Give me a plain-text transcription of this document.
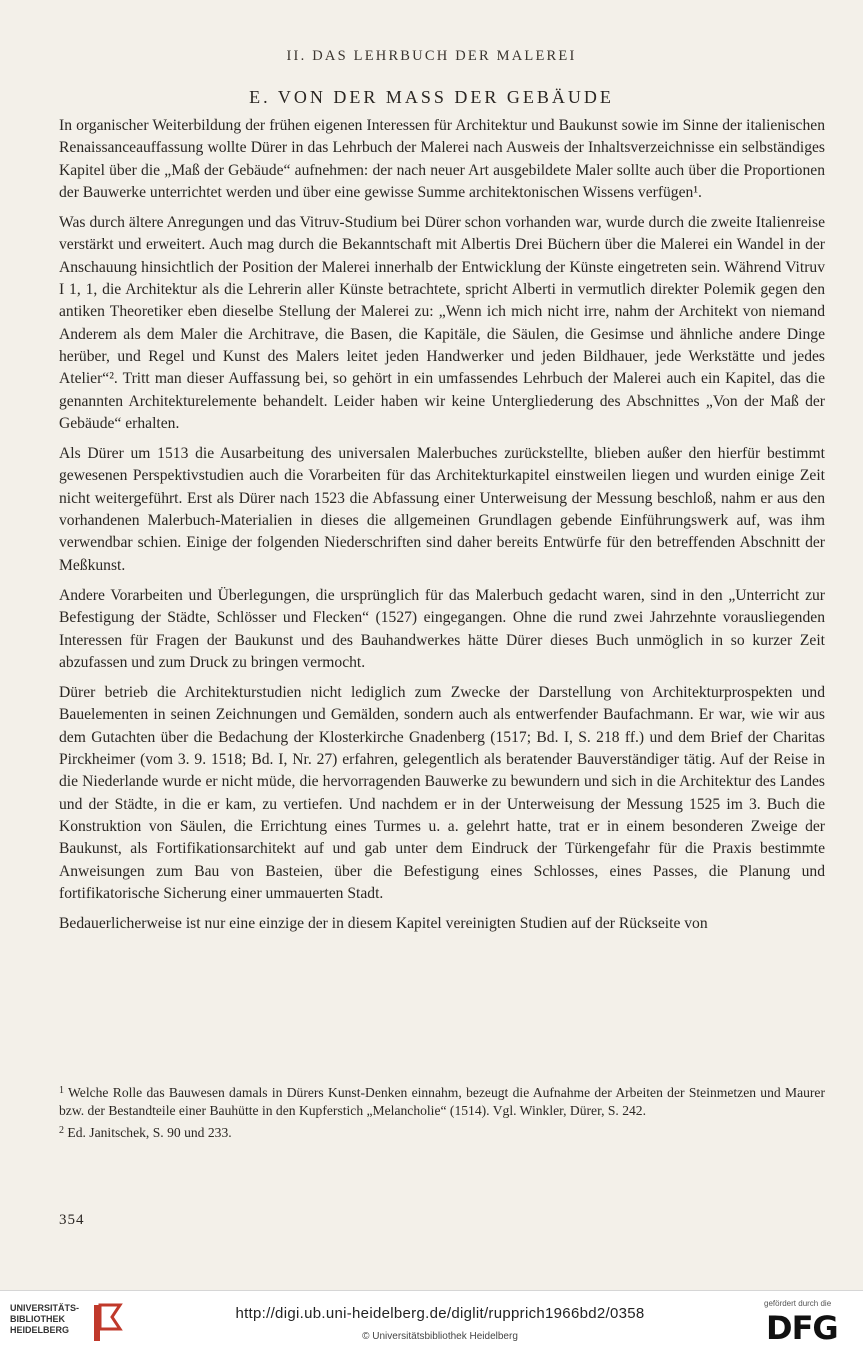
II. DAS LEHRBUCH DER MALEREI
E. VON DER MASS DER GEBÄUDE

In organischer Weiterbildung der frühen eigenen Interessen für Architektur und Baukunst sowie im Sinne der italienischen Renaissanceauffassung wollte Dürer in das Lehrbuch der Malerei nach Ausweis der Inhaltsverzeichnisse ein selbständiges Kapitel über die „Maß der Gebäude“ aufnehmen: der nach neuer Art ausgebildete Maler sollte auch über die Proportionen der Bauwerke unterrichtet werden und über eine gewisse Summe architektonischen Wissens verfügen¹.

Was durch ältere Anregungen und das Vitruv-Studium bei Dürer schon vorhanden war, wurde durch die zweite Italienreise verstärkt und erweitert. Auch mag durch die Bekanntschaft mit Albertis Drei Büchern über die Malerei ein Wandel in der Anschauung hinsichtlich der Position der Malerei innerhalb der Entwicklung der Künste eingetreten sein. Während Vitruv I 1, 1, die Architektur als die Lehrerin aller Künste betrachtete, spricht Alberti in vermutlich direkter Polemik gegen den antiken Theoretiker eben dieselbe Stellung der Malerei zu: „Wenn ich mich nicht irre, nahm der Architekt von niemand Anderem als dem Maler die Architrave, die Basen, die Kapitäle, die Säulen, die Gesimse und ähnliche andere Dinge herüber, und Regel und Kunst des Malers leitet jeden Handwerker und jeden Bildhauer, jede Werkstätte und jedes Atelier“². Tritt man dieser Auffassung bei, so gehört in ein umfassendes Lehrbuch der Malerei auch ein Kapitel, das die genannten Architekturelemente behandelt. Leider haben wir keine Untergliederung des Abschnittes „Von der Maß der Gebäude“ erhalten.

Als Dürer um 1513 die Ausarbeitung des universalen Malerbuches zurückstellte, blieben außer den hierfür bestimmt gewesenen Perspektivstudien auch die Vorarbeiten für das Architekturkapitel einstweilen liegen und wurden einige Zeit nicht weitergeführt. Erst als Dürer nach 1523 die Abfassung einer Unterweisung der Messung beschloß, nahm er aus den vorhandenen Malerbuch-Materialien in dieses die allgemeinen Grundlagen gebende Einführungswerk auf, was ihm verwendbar schien. Einige der folgenden Niederschriften sind daher bereits Entwürfe für den betreffenden Abschnitt der Meßkunst.

Andere Vorarbeiten und Überlegungen, die ursprünglich für das Malerbuch gedacht waren, sind in den „Unterricht zur Befestigung der Städte, Schlösser und Flecken“ (1527) eingegangen. Ohne die rund zwei Jahrzehnte vorausliegenden Interessen für Fragen der Baukunst und des Bauhandwerkes hätte Dürer dieses Buch unmöglich in so kurzer Zeit abzufassen und zum Druck zu bringen vermocht.

Dürer betrieb die Architekturstudien nicht lediglich zum Zwecke der Darstellung von Architekturprospekten und Bauelementen in seinen Zeichnungen und Gemälden, sondern auch als entwerfender Baufachmann. Er war, wie wir aus dem Gutachten über die Bedachung der Klosterkirche Gnadenberg (1517; Bd. I, S. 218 ff.) und dem Brief der Charitas Pirckheimer (vom 3. 9. 1518; Bd. I, Nr. 27) erfahren, gelegentlich als beratender Bauverständiger tätig. Auf der Reise in die Niederlande wurde er nicht müde, die hervorragenden Bauwerke zu bewundern und sich in die Architektur des Landes und der Städte, in die er kam, zu vertiefen. Und nachdem er in der Unterweisung der Messung 1525 im 3. Buch die Konstruktion von Säulen, die Errichtung eines Turmes u. a. gelehrt hatte, trat er in einem besonderen Zweige der Baukunst, als Fortifikationsarchitekt auf und gab unter dem Eindruck der Türkengefahr für die Praxis bestimmte Anweisungen zum Bau von Basteien, über die Befestigung eines Schlosses, eines Passes, die Planung und fortifikatorische Sicherung einer ummauerten Stadt.

Bedauerlicherweise ist nur eine einzige der in diesem Kapitel vereinigten Studien auf der Rückseite von

$^1$ Welche Rolle das Bauwesen damals in Dürers Kunst-Denken einnahm, bezeugt die Aufnahme der Arbeiten der Steinmetzen und Maurer bzw. der Bestandteile einer Bauhütte in den Kupferstich „Melancholie“ (1514). Vgl. Winkler, Dürer, S. 242.

$^2$ Ed. Janitschek, S. 90 und 233.

354
UNIVERSITÄTS- BIBLIOTHEK HEIDELBERG
http://digi.ub.uni-heidelberg.de/diglit/rupprich1966bd2/0358
© Universitätsbibliothek Heidelberg
gefördert durch die
DFG
